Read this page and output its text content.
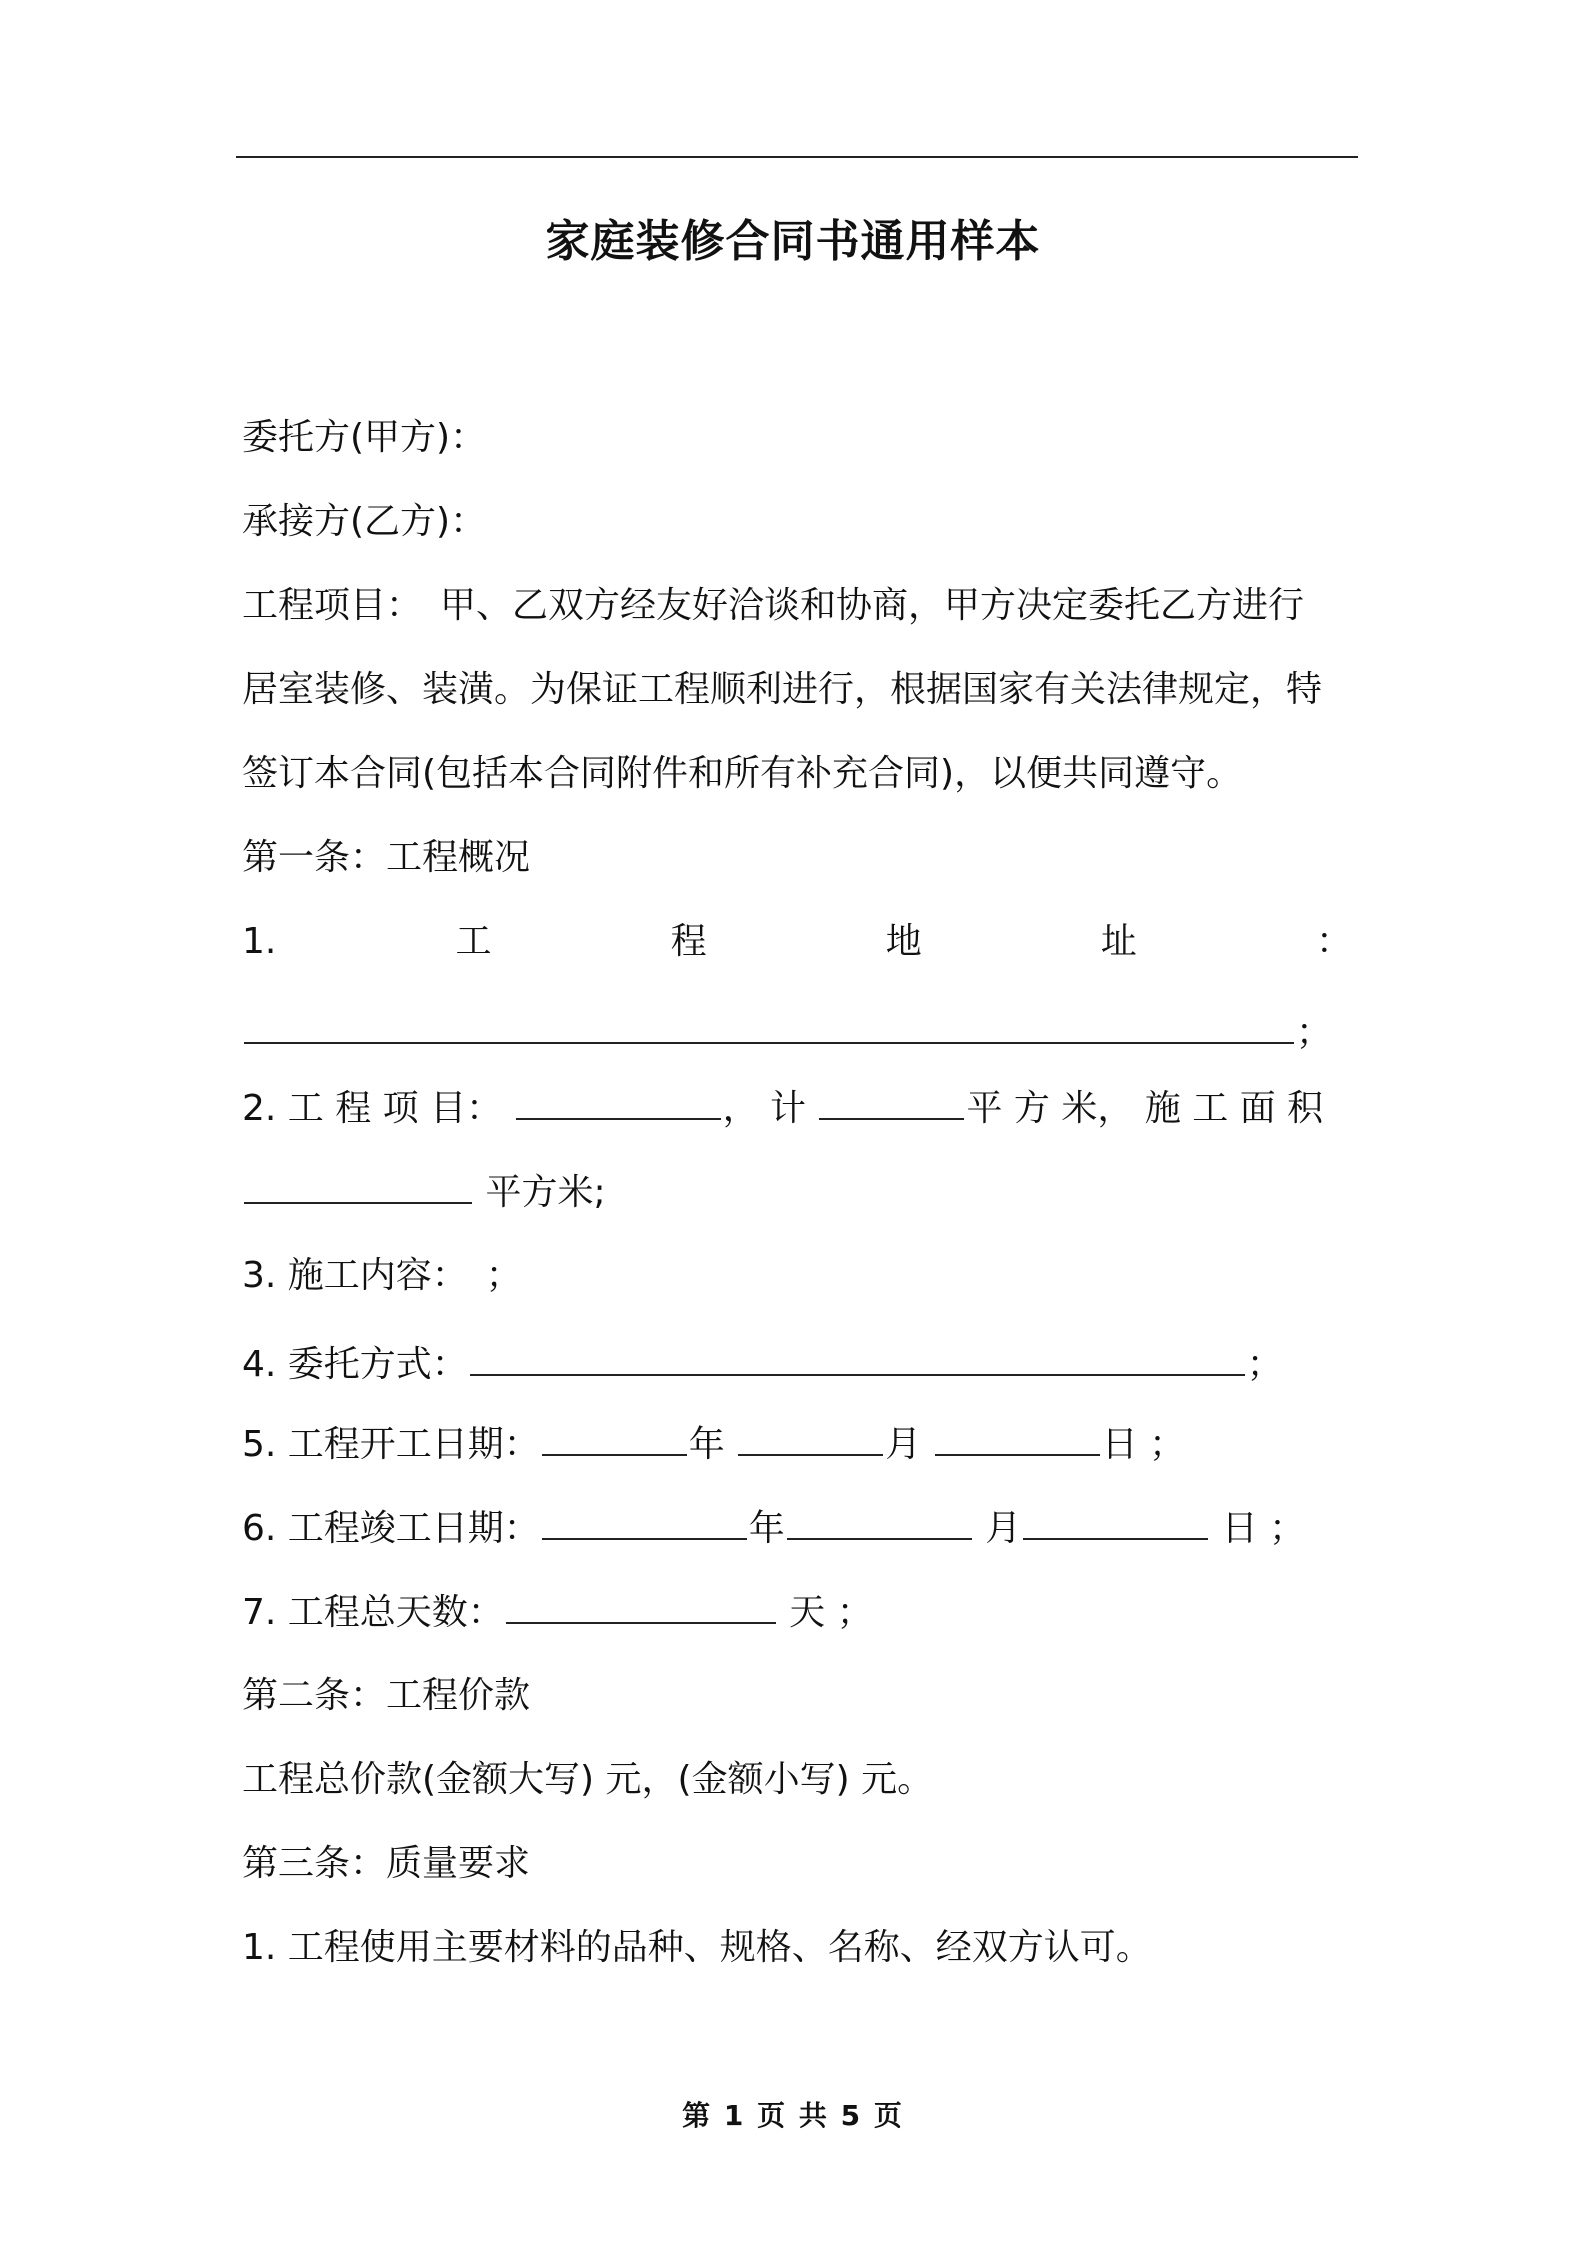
家庭装修合同书通用样本
委托方(甲方)：
承接方(乙方)：
工程项目：　甲、乙双方经友好洽谈和协商，甲方决定委托乙方进行
居室装修、装潢。为保证工程顺利进行，根据国家有关法律规定，特
签订本合同(包括本合同附件和所有补充合同)，以便共同遵守。
第一条：工程概况
1.	工	程	地	址	：
；
2. 工 程 项 目：	， 计	平 方 米， 施 工 面 积
平方米;
3. 施工内容：　；
4. 委托方式：	；
5. 工程开工日期：	年	月	日 ；
6. 工程竣工日期：	年	月	日 ；
7. 工程总天数：	天 ；
第二条：工程价款
工程总价款(金额大写) 元，(金额小写) 元。
第三条：质量要求
1. 工程使用主要材料的品种、规格、名称、经双方认可。
第 1 页 共 5 页
